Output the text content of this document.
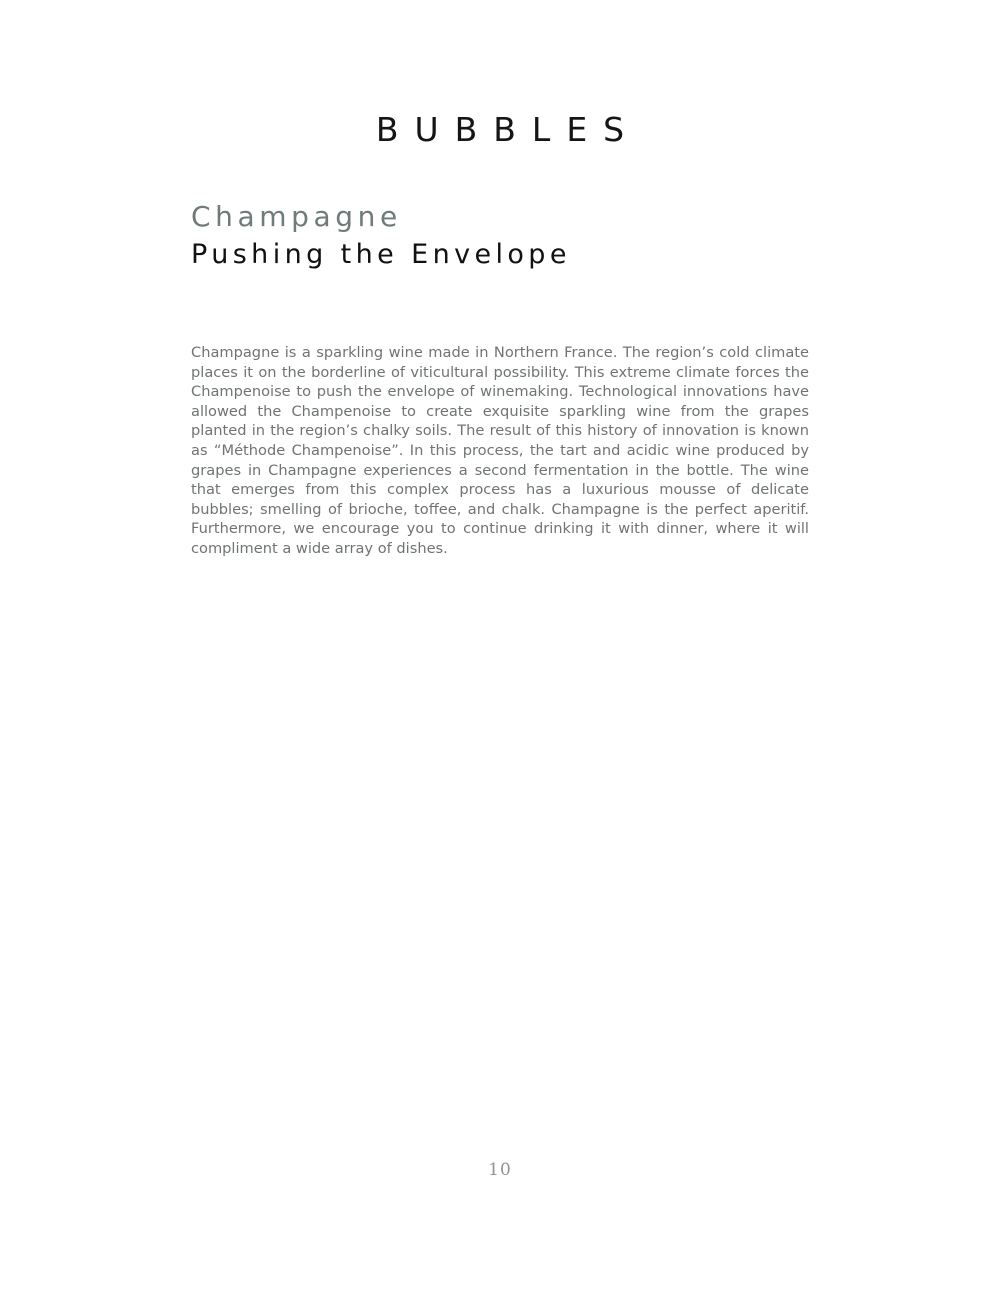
BUBBLES
Champagne
Pushing the Envelope

Champagne is a sparkling wine made in Northern France. The region’s cold climate places it on the borderline of viticultural possibility. This extreme climate forces the Champenoise to push the envelope of winemaking. Technological innovations have allowed the Champenoise to create exquisite sparkling wine from the grapes planted in the region’s chalky soils. The result of this history of innovation is known as “Méthode Champenoise”. In this process, the tart and acidic wine produced by grapes in Champagne experiences a second fermentation in the bottle. The wine that emerges from this complex process has a luxurious mousse of delicate bubbles; smelling of brioche, toffee, and chalk. Champagne is the perfect aperitif. Furthermore, we encourage you to continue drinking it with dinner, where it will compliment a wide array of dishes.

10
